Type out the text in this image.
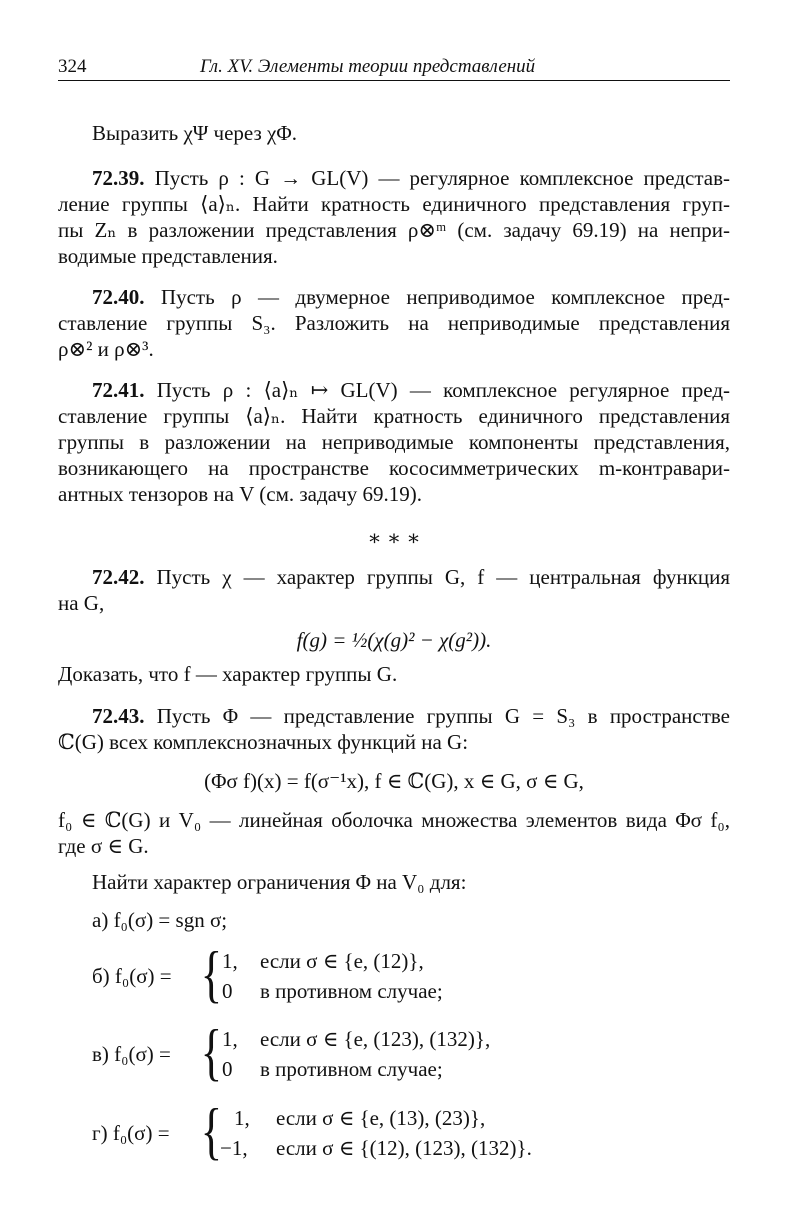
324	Гл. XV. Элементы теории представлений
Выразить χΨ через χΦ.
72.39. Пусть ρ : G → GL(V) — регулярное комплексное представ-
ление группы ⟨a⟩ₙ. Найти кратность единичного представления груп-
пы Zₙ в разложении представления ρ⊗ᵐ (см. задачу 69.19) на непри-
водимые представления.
72.40. Пусть ρ — двумерное неприводимое комплексное пред-
ставление группы S₃. Разложить на неприводимые представления
ρ⊗² и ρ⊗³.
72.41. Пусть ρ : ⟨a⟩ₙ ↦ GL(V) — комплексное регулярное пред-
ставление группы ⟨a⟩ₙ. Найти кратность единичного представления
группы в разложении на неприводимые компоненты представления,
возникающего на пространстве кососимметрических m-контравари-
антных тензоров на V (см. задачу 69.19).
∗ ∗ ∗
72.42. Пусть χ — характер группы G, f — центральная функция
на G,
f(g) = ½(χ(g)² − χ(g²)).
Доказать, что f — характер группы G.
72.43. Пусть Φ — представление группы G = S₃ в пространстве
ℂ(G) всех комплекснозначных функций на G:
(Φσ f)(x) = f(σ⁻¹x), f ∈ ℂ(G), x ∈ G, σ ∈ G,
f₀ ∈ ℂ(G) и V₀ — линейная оболочка множества элементов вида Φσ f₀,
где σ ∈ G.
Найти характер ограничения Φ на V₀ для:
а) f₀(σ) = sgn σ;
б) f₀(σ) = { 1, если σ ∈ {e, (12)},
0 в противном случае;
в) f₀(σ) = { 1, если σ ∈ {e, (123), (132)},
0 в противном случае;
г) f₀(σ) = { 1, если σ ∈ {e, (13), (23)},
−1, если σ ∈ {(12), (123), (132)}.
